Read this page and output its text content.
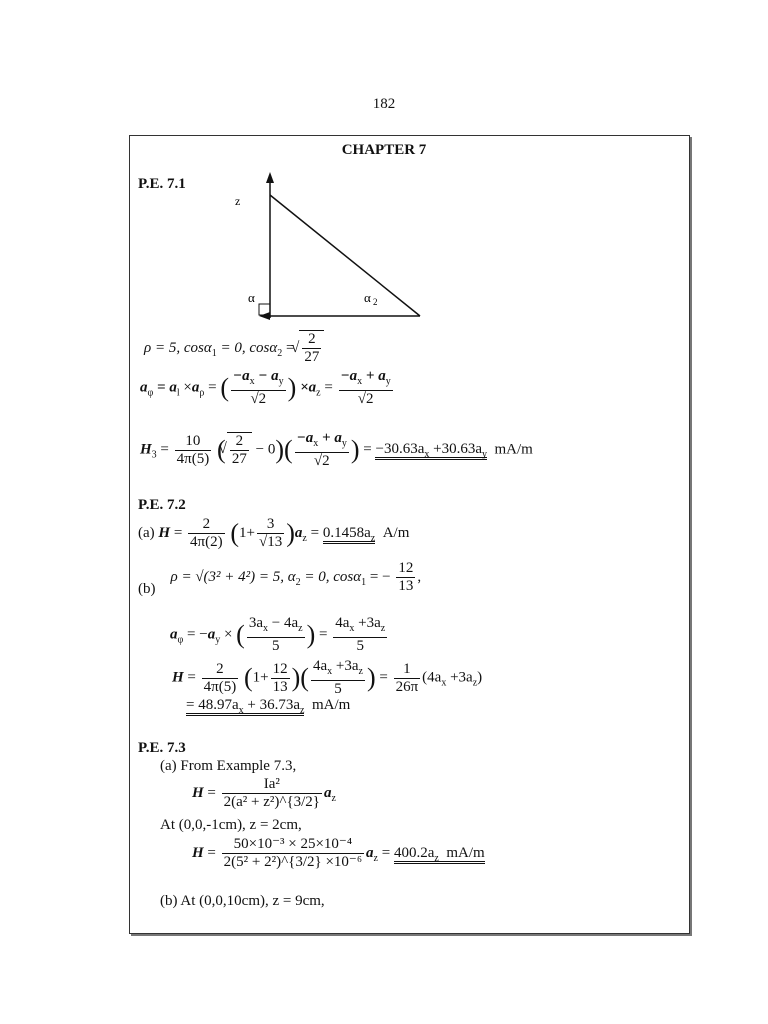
182
CHAPTER 7
P.E. 7.1
z
α	α 2
ρ = 5, cosα$_1$ = 0, cosα$_2$ = √ $\frac{2}{27}$
$a_\varphi = a_l \times a_\rho$ = ( $\frac{-a_x - a_y}{√2}$ ) $\times a_z = \frac{-a_x + a_y}{√2}$
$H_3 = \frac{10}{4\pi(5)}$ ( √ $\frac{2}{27} - 0)( \frac{-a_x + a_y}{√2}$ ) = $-30.63a_x +30.63a_y$ mA/m
P.E. 7.2
(a) $H = \frac{2}{4\pi(2)} (1+ \frac{3}{√13} )a_z = 0.1458a_z$ A/m
(b)    ρ = √(3² + 4²) = 5, $\alpha_2 = 0$, cosα$_1$ = − $\frac{12}{13}$ ,
$a_\varphi = -a_y$ × ( $\frac{3a_x - 4a_z}{5}$ ) = $\frac{4a_x +3a_z}{5}$
$H = \frac{2}{4\pi(5)} (1+ \frac{12}{13}$ )( $\frac{4a_x +3a_z}{5}$ ) = $\frac{1}{26\pi} (4a_x +3a_z)$
= $48.97a_x + 36.73a_z$ mA/m
P.E. 7.3
(a) From Example 7.3,
$H = \frac{\text{Ia²}}{\text{2(a² + z²)\textasciicircum{}\{3/2\}}} a_z$
At (0,0,-1cm), z = 2cm,
$H = \frac{\text{50×10⁻³ × 25×10⁻⁴}}{\text{2(5² + 2²)\textasciicircum{}\{3/2\} ×10⁻⁶}} a_z = 400.2a_z$ mA/m
(b) At (0,0,10cm), z = 9cm,
